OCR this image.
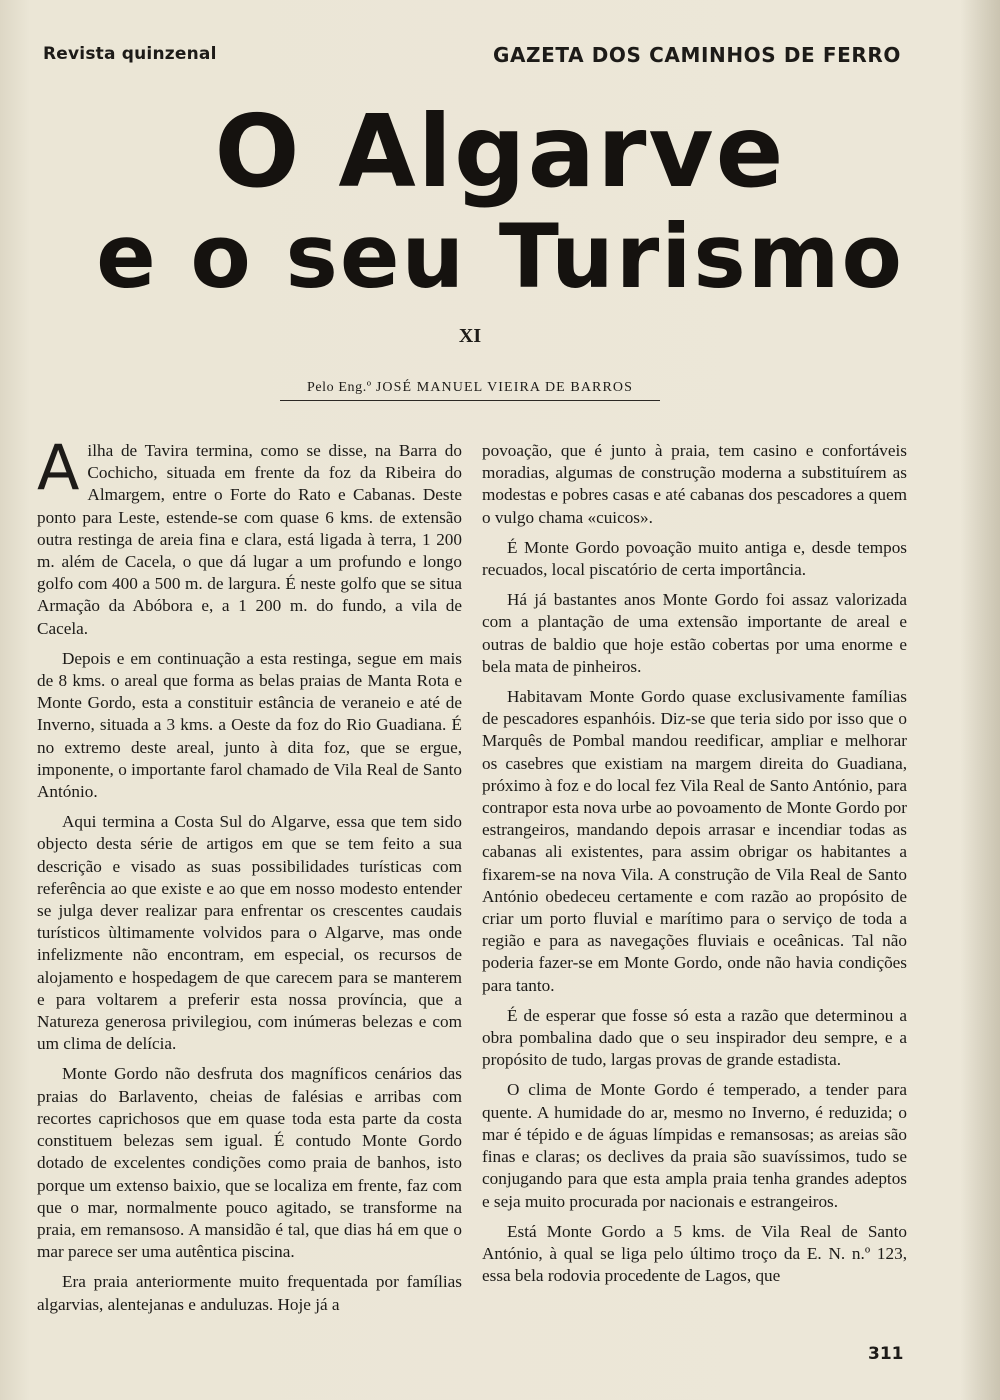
Revista quinzenal	GAZETA DOS CAMINHOS DE FERRO
O Algarve
e o seu Turismo
XI
Pelo Eng.º JOSÉ MANUEL VIEIRA DE BARROS

Ailha de Tavira termina, como se disse, na Barra do Cochicho, situada em frente da foz da Ribeira do Almargem, entre o Forte do Rato e Cabanas. Deste ponto para Leste, estende-se com quase 6 kms. de extensão outra restinga de areia fina e clara, está ligada à terra, 1 200 m. além de Cacela, o que dá lugar a um profundo e longo golfo com 400 a 500 m. de largura. É neste golfo que se situa Armação da Abóbora e, a 1 200 m. do fundo, a vila de Cacela.

Depois e em continuação a esta restinga, segue em mais de 8 kms. o areal que forma as belas praias de Manta Rota e Monte Gordo, esta a constituir estância de veraneio e até de Inverno, situada a 3 kms. a Oeste da foz do Rio Guadiana. É no extremo deste areal, junto à dita foz, que se ergue, imponente, o importante farol chamado de Vila Real de Santo António.

Aqui termina a Costa Sul do Algarve, essa que tem sido objecto desta série de artigos em que se tem feito a sua descrição e visado as suas possibilidades turísticas com referência ao que existe e ao que em nosso modesto entender se julga dever realizar para enfrentar os crescentes caudais turísticos ùltimamente volvidos para o Algarve, mas onde infelizmente não encontram, em especial, os recursos de alojamento e hospedagem de que carecem para se manterem e para voltarem a preferir esta nossa província, que a Natureza generosa privilegiou, com inúmeras belezas e com um clima de delícia.

Monte Gordo não desfruta dos magníficos cenários das praias do Barlavento, cheias de falésias e arribas com recortes caprichosos que em quase toda esta parte da costa constituem belezas sem igual. É contudo Monte Gordo dotado de excelentes condições como praia de banhos, isto porque um extenso baixio, que se localiza em frente, faz com que o mar, normalmente pouco agitado, se transforme na praia, em remansoso. A mansidão é tal, que dias há em que o mar parece ser uma autêntica piscina.

Era praia anteriormente muito frequentada por famílias algarvias, alentejanas e anduluzas. Hoje já a

povoação, que é junto à praia, tem casino e confortáveis moradias, algumas de construção moderna a substituírem as modestas e pobres casas e até cabanas dos pescadores a quem o vulgo chama «cuicos».

É Monte Gordo povoação muito antiga e, desde tempos recuados, local piscatório de certa importância.

Há já bastantes anos Monte Gordo foi assaz valorizada com a plantação de uma extensão importante de areal e outras de baldio que hoje estão cobertas por uma enorme e bela mata de pinheiros.

Habitavam Monte Gordo quase exclusivamente famílias de pescadores espanhóis. Diz-se que teria sido por isso que o Marquês de Pombal mandou reedificar, ampliar e melhorar os casebres que existiam na margem direita do Guadiana, próximo à foz e do local fez Vila Real de Santo António, para contrapor esta nova urbe ao povoamento de Monte Gordo por estrangeiros, mandando depois arrasar e incendiar todas as cabanas ali existentes, para assim obrigar os habitantes a fixarem-se na nova Vila. A construção de Vila Real de Santo António obedeceu certamente e com razão ao propósito de criar um porto fluvial e marítimo para o serviço de toda a região e para as navegações fluviais e oceânicas. Tal não poderia fazer-se em Monte Gordo, onde não havia condições para tanto.

É de esperar que fosse só esta a razão que determinou a obra pombalina dado que o seu inspirador deu sempre, e a propósito de tudo, largas provas de grande estadista.

O clima de Monte Gordo é temperado, a tender para quente. A humidade do ar, mesmo no Inverno, é reduzida; o mar é tépido e de águas límpidas e remansosas; as areias são finas e claras; os declives da praia são suavíssimos, tudo se conjugando para que esta ampla praia tenha grandes adeptos e seja muito procurada por nacionais e estrangeiros.

Está Monte Gordo a 5 kms. de Vila Real de Santo António, à qual se liga pelo último troço da E. N. n.º 123, essa bela rodovia procedente de Lagos, que

311
